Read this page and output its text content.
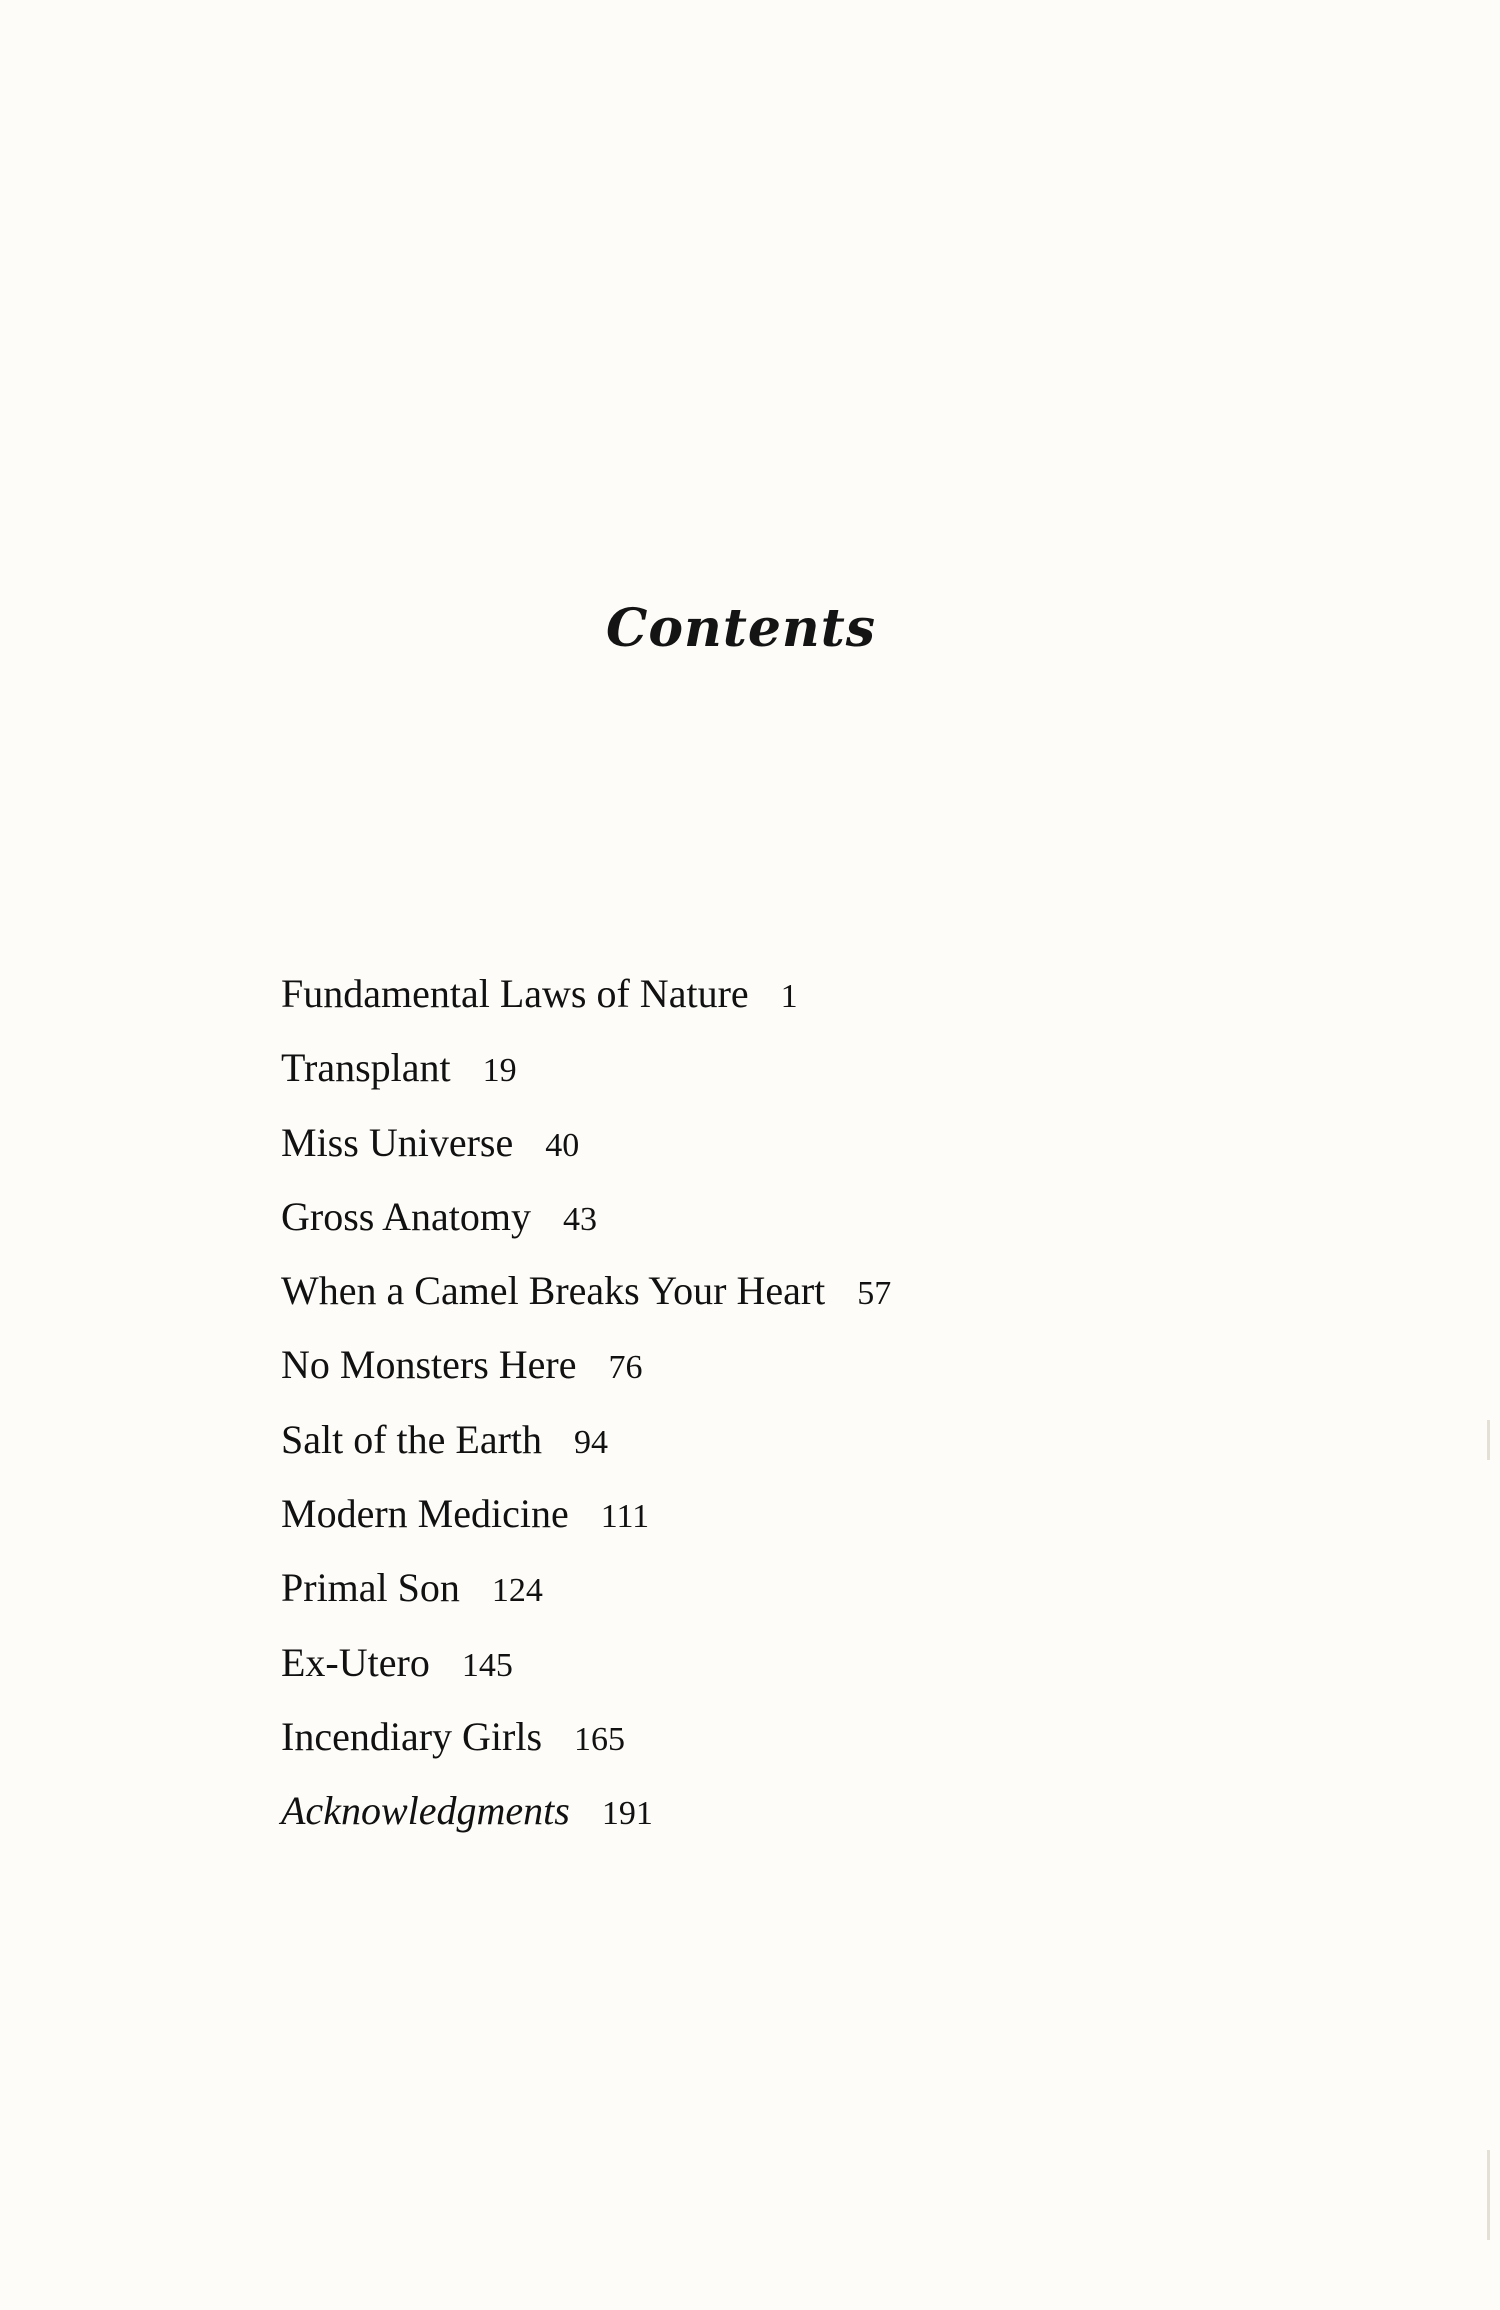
Contents
Fundamental Laws of Nature 1
Transplant 19
Miss Universe 40
Gross Anatomy 43
When a Camel Breaks Your Heart 57
No Monsters Here 76
Salt of the Earth 94
Modern Medicine 111
Primal Son 124
Ex-Utero 145
Incendiary Girls 165
Acknowledgments 191
